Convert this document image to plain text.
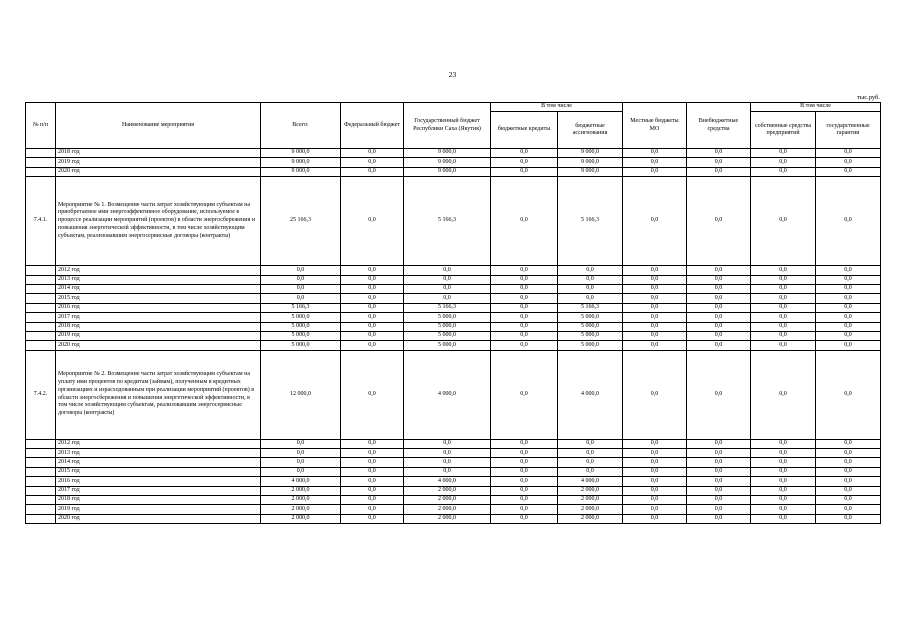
23
тыс.руб.
№ п/п	Наименование мероприятия	Всего:	Федеральный бюджет	Государственный бюджет Республики Саха (Якутия)	В том числе		Местные бюджеты МО	Внебюджетные средства	В том числе	
					бюджетные кредиты	бюджетные ассигнования			собственные средства предприятий	государственные гарантии
	2018 год	9 000,0	0,0	9 000,0	0,0	9 000,0	0,0	0,0	0,0	0,0
	2019 год	9 000,0	0,0	9 000,0	0,0	9 000,0	0,0	0,0	0,0	0,0
	2020 год	9 000,0	0,0	9 000,0	0,0	9 000,0	0,0	0,0	0,0	0,0
7.4.1.	Мероприятие № 1. Возмещение части затрат хозяйствующим субъектам на приобретаемое ими энергоэффективное оборудование, используемое в процессе реализации мероприятий (проектов) в области энергосбережения и повышения энергетической эффективности, в том числе хозяйствующим субъектам, реализовавшим энергосервисные договоры (контракты)	25 166,3	0,0	5 166,3	0,0	5 166,3	0,0	0,0	0,0	0,0
	2012 год	0,0	0,0	0,0	0,0	0,0	0,0	0,0	0,0	0,0
	2013 год	0,0	0,0	0,0	0,0	0,0	0,0	0,0	0,0	0,0
	2014 год	0,0	0,0	0,0	0,0	0,0	0,0	0,0	0,0	0,0
	2015 год	0,0	0,0	0,0	0,0	0,0	0,0	0,0	0,0	0,0
	2016 год	5 166,3	0,0	5 166,3	0,0	5 166,3	0,0	0,0	0,0	0,0
	2017 год	5 000,0	0,0	5 000,0	0,0	5 000,0	0,0	0,0	0,0	0,0
	2018 год	5 000,0	0,0	5 000,0	0,0	5 000,0	0,0	0,0	0,0	0,0
	2019 год	5 000,0	0,0	5 000,0	0,0	5 000,0	0,0	0,0	0,0	0,0
	2020 год	5 000,0	0,0	5 000,0	0,0	5 000,0	0,0	0,0	0,0	0,0
7.4.2.	Мероприятие № 2. Возмещение части затрат хозяйствующим субъектам на уплату ими процентов по кредитам (займам), полученным в кредитных организациях и израсходованным при реализации мероприятий (проектов) в области энергосбережения и повышения энергетической эффективности, в том числе хозяйствующим субъектам, реализовавшим энергосервисные договоры (контракты)	12 000,0	0,0	4 000,0	0,0	4 000,0	0,0	0,0	0,0	0,0
	2012 год	0,0	0,0	0,0	0,0	0,0	0,0	0,0	0,0	0,0
	2013 год	0,0	0,0	0,0	0,0	0,0	0,0	0,0	0,0	0,0
	2014 год	0,0	0,0	0,0	0,0	0,0	0,0	0,0	0,0	0,0
	2015 год	0,0	0,0	0,0	0,0	0,0	0,0	0,0	0,0	0,0
	2016 год	4 000,0	0,0	4 000,0	0,0	4 000,0	0,0	0,0	0,0	0,0
	2017 год	2 000,0	0,0	2 000,0	0,0	2 000,0	0,0	0,0	0,0	0,0
	2018 год	2 000,0	0,0	2 000,0	0,0	2 000,0	0,0	0,0	0,0	0,0
	2019 год	2 000,0	0,0	2 000,0	0,0	2 000,0	0,0	0,0	0,0	0,0
	2020 год	2 000,0	0,0	2 000,0	0,0	2 000,0	0,0	0,0	0,0	0,0
